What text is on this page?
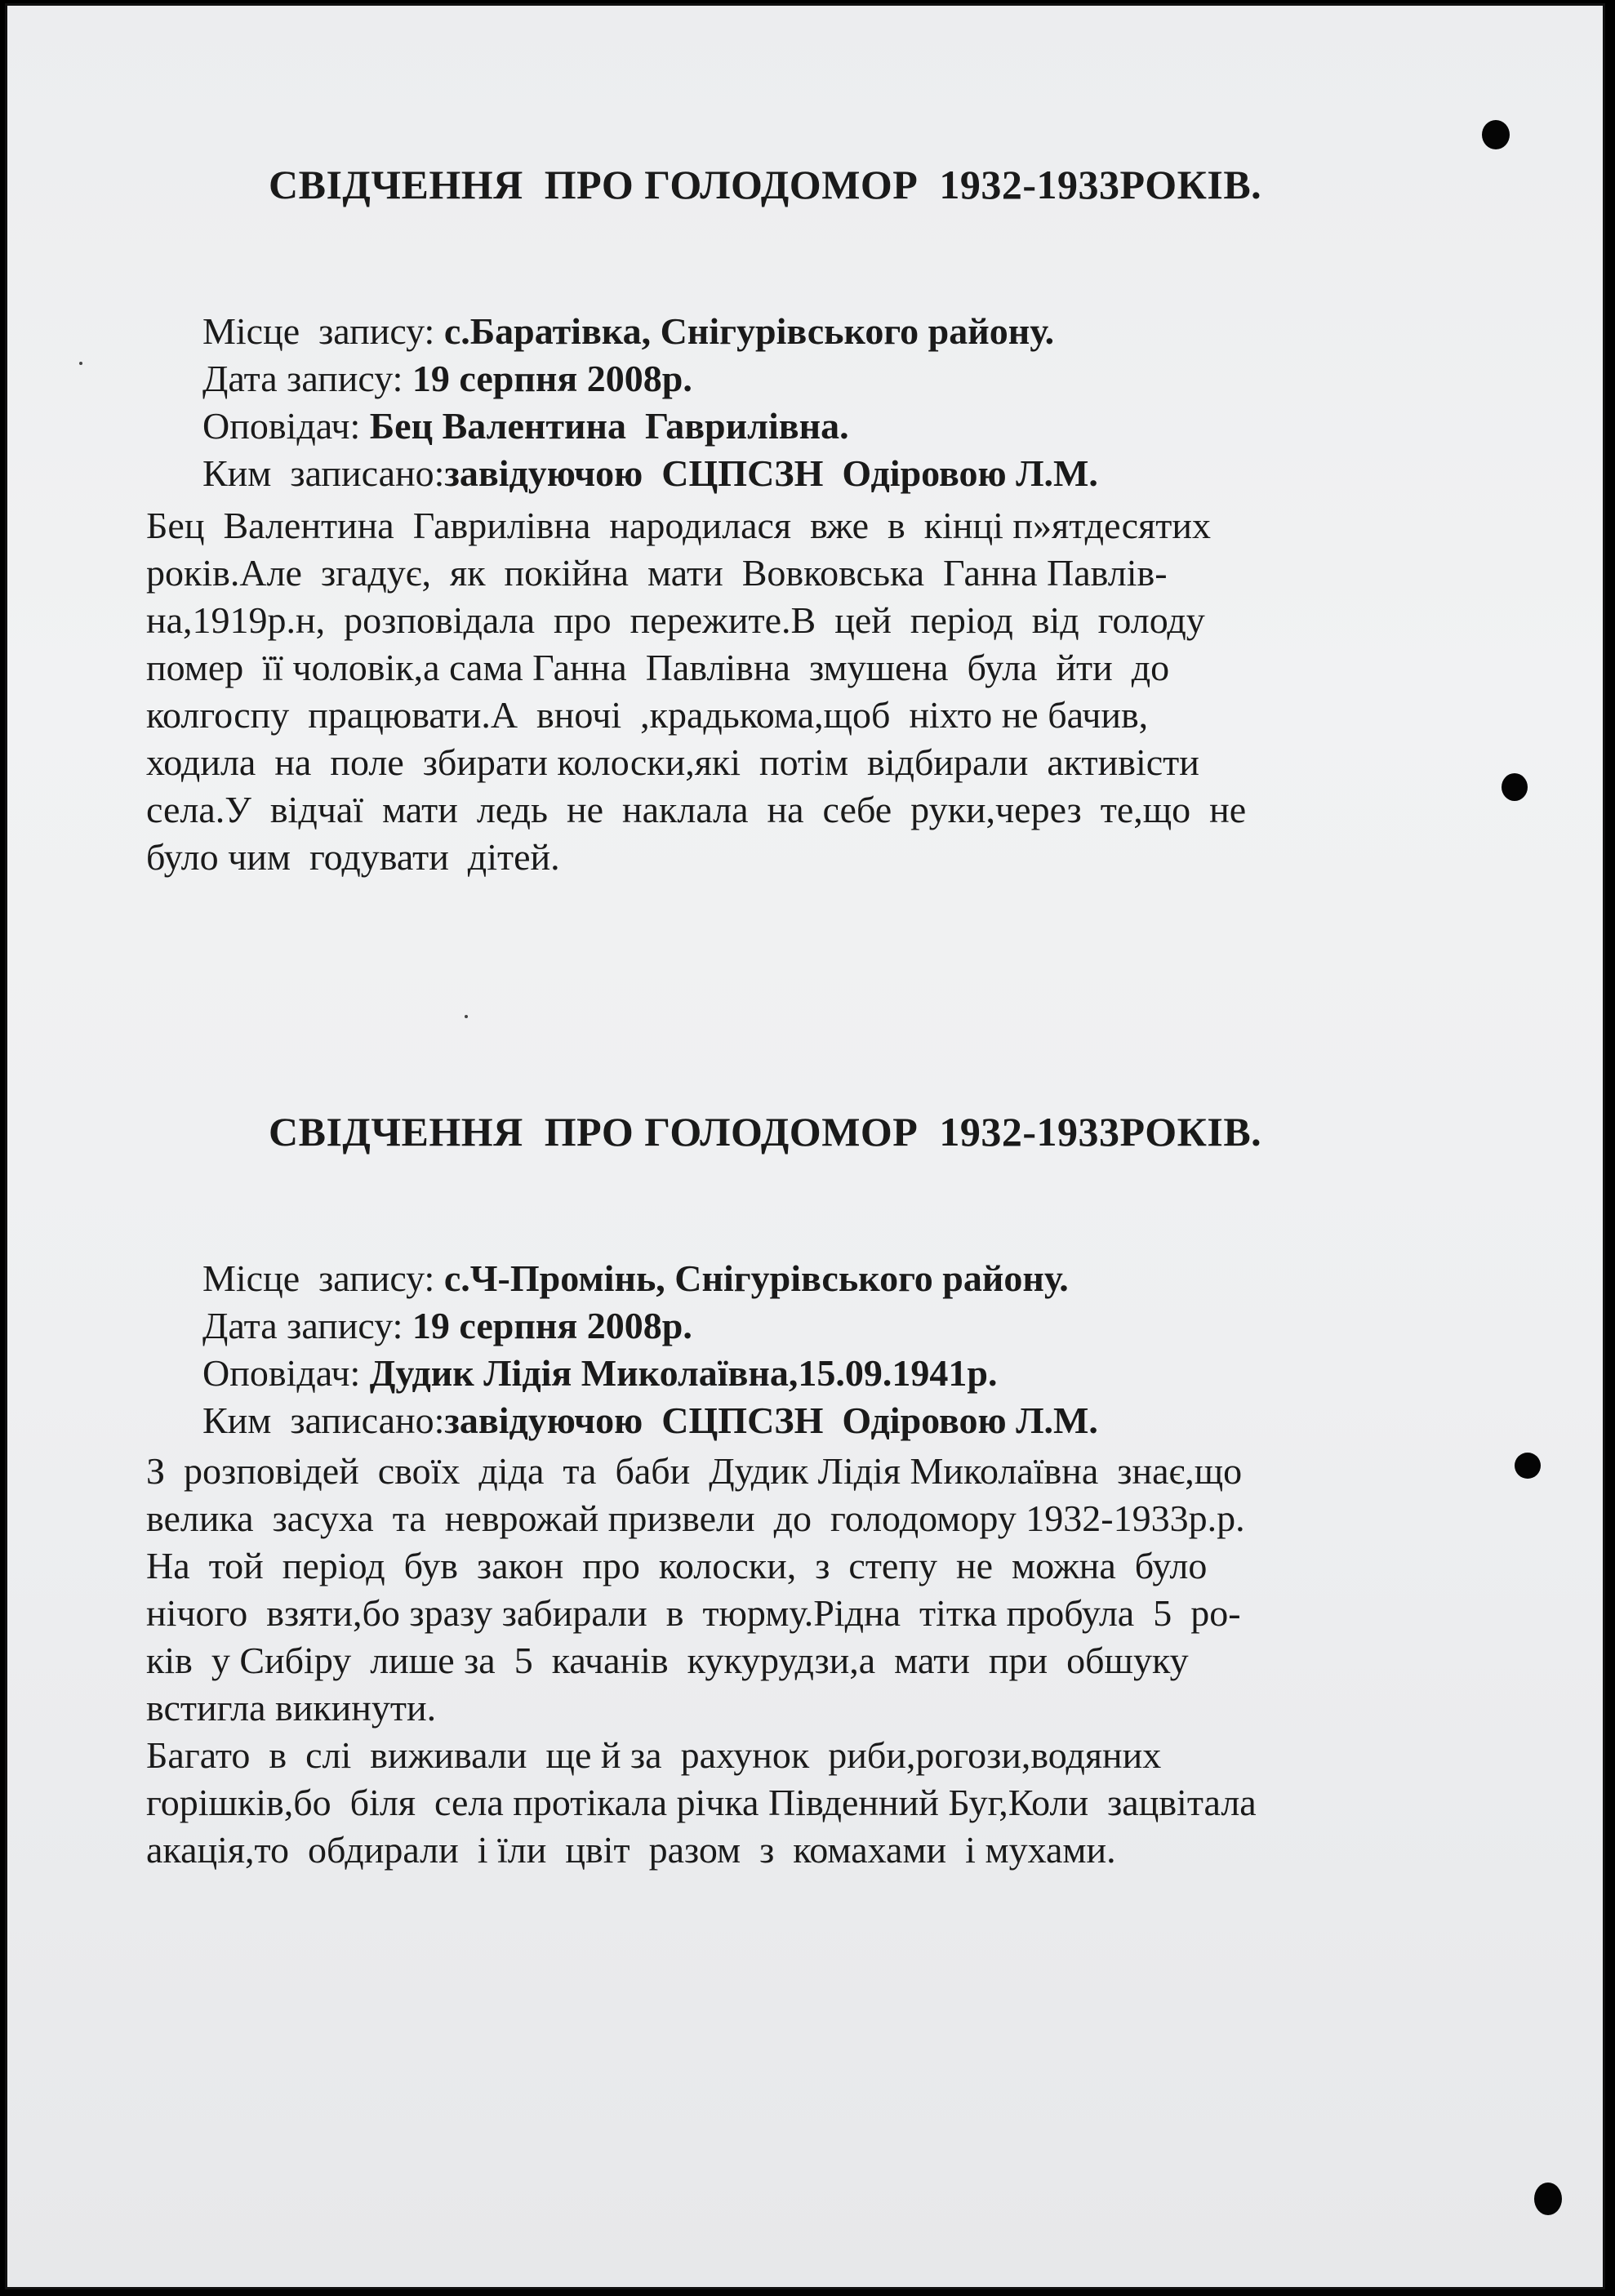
СВІДЧЕННЯ  ПРО ГОЛОДОМОР  1932-1933РОКІВ.

Місце  запису: с.Баратівка, Снігурівського району.

Дата запису: 19 серпня 2008р.

Оповідач: Бец Валентина  Гаврилівна.

Ким  записано:завідуючою  СЦПСЗН  Одіровою Л.М.

Бец  Валентина  Гаврилівна  народилася  вже  в  кінці п»ятдесятих
років.Але  згадує,  як  покійна  мати  Вовковська  Ганна Павлів-
на,1919р.н,  розповідала  про  пережите.В  цей  період  від  голоду
помер  її чоловік,а сама Ганна  Павлівна  змушена  була  йти  до
колгоспу  працювати.А  вночі  ,крадькома,щоб  ніхто не бачив,
ходила  на  поле  збирати колоски,які  потім  відбирали  активісти
села.У  відчаї  мати  ледь  не  наклала  на  себе  руки,через  те,що  не
було чим  годувати  дітей.
СВІДЧЕННЯ  ПРО ГОЛОДОМОР  1932-1933РОКІВ.

Місце  запису: с.Ч-Промінь, Снігурівського району.

Дата запису: 19 серпня 2008р.

Оповідач: Дудик Лідія Миколаївна,15.09.1941р.

Ким  записано:завідуючою  СЦПСЗН  Одіровою Л.М.

З  розповідей  своїх  діда  та  баби  Дудик Лідія Миколаївна  знає,що
велика  засуха  та  неврожай призвели  до  голодомору 1932-1933р.р.
На  той  період  був  закон  про  колоски,  з  степу  не  можна  було
нічого  взяти,бо зразу забирали  в  тюрму.Рідна  тітка пробула  5  ро-
ків  у Сибіру  лише за  5  качанів  кукурудзи,а  мати  при  обшуку
встигла викинути.
Багато  в  слі  виживали  ще й за  рахунок  риби,рогози,водяних
горішків,бо  біля  села протікала річка Південний Буг,Коли  зацвітала
акація,то  обдирали  і їли  цвіт  разом  з  комахами  і мухами.
